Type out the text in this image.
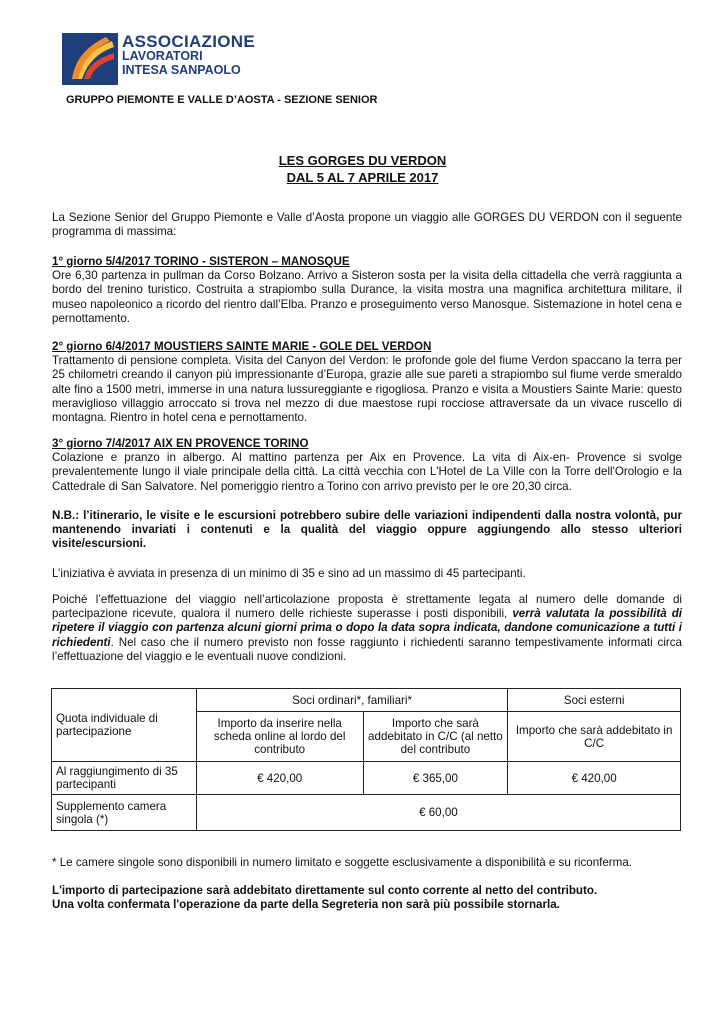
ASSOCIAZIONE
LAVORATORI
INTESA SANPAOLO
GRUPPO PIEMONTE E VALLE D’AOSTA - SEZIONE SENIOR
LES GORGES DU VERDON
DAL 5 AL 7 APRILE 2017
La Sezione Senior del Gruppo Piemonte e Valle d’Aosta propone un viaggio alle GORGES DU VERDON con il seguente programma di massima:
1° giorno 5/4/2017 TORINO - SISTERON – MANOSQUE
Ore 6,30 partenza in pullman da Corso Bolzano. Arrivo a Sisteron sosta per la visita della cittadella che verrà raggiunta a bordo del trenino turistico. Costruita a strapiombo sulla Durance, la visita mostra una magnifica architettura militare, il museo napoleonico a ricordo del rientro dall’Elba. Pranzo e proseguimento verso Manosque. Sistemazione in hotel cena e pernottamento.
2° giorno 6/4/2017 MOUSTIERS SAINTE MARIE - GOLE DEL VERDON
Trattamento di pensione completa. Visita del Canyon del Verdon: le profonde gole del fiume Verdon spaccano la terra per 25 chilometri creando il canyon più impressionante d’Europa, grazie alle sue pareti a strapiombo sul fiume verde smeraldo alte fino a 1500 metri, immerse in una natura lussureggiante e rigogliosa. Pranzo e visita a Moustiers Sainte Marie: questo meraviglioso villaggio arroccato si trova nel mezzo di due maestose rupi rocciose attraversate da un vivace ruscello di montagna. Rientro in hotel cena e pernottamento.
3° giorno 7/4/2017 AIX EN PROVENCE TORINO
Colazione e pranzo in albergo. Al mattino partenza per Aix en Provence. La vita di Aix-en- Provence si svolge prevalentemente lungo il viale principale della città. La città vecchia con L'Hotel de La Ville con la Torre dell'Orologio e la Cattedrale di San Salvatore. Nel pomeriggio rientro a Torino con arrivo previsto per le ore 20,30 circa.
N.B.: l’itinerario, le visite e le escursioni potrebbero subire delle variazioni indipendenti dalla nostra volontà, pur mantenendo invariati i contenuti e la qualità del viaggio oppure aggiungendo allo stesso ulteriori visite/escursioni.
L’iniziativa è avviata in presenza di un minimo di 35 e sino ad un massimo di 45 partecipanti.
Poiché l’effettuazione del viaggio nell’articolazione proposta è strettamente legata al numero delle domande di partecipazione ricevute, qualora il numero delle richieste superasse i posti disponibili, verrà valutata la possibilità di ripetere il viaggio con partenza alcuni giorni prima o dopo la data sopra indicata, dandone comunicazione a tutti i richiedenti. Nel caso che il numero previsto non fosse raggiunto i richiedenti saranno tempestivamente informati circa l’effettuazione del viaggio e le eventuali nuove condizioni.
Quota individuale di partecipazione	Soci ordinari*, familiari*		Soci esterni
	Importo da inserire nella scheda online al lordo del contributo	Importo che sarà addebitato in C/C (al netto del contributo	Importo che sarà addebitato in C/C
Al raggiungimento di 35 partecipanti	€ 420,00	€ 365,00	€ 420,00
Supplemento camera singola (*)	€ 60,00		
* Le camere singole sono disponibili in numero limitato e soggette esclusivamente a disponibilità e su riconferma.
L'importo di partecipazione sarà addebitato direttamente sul conto corrente al netto del contributo.
Una volta confermata l'operazione da parte della Segreteria non sarà più possibile stornarla.
